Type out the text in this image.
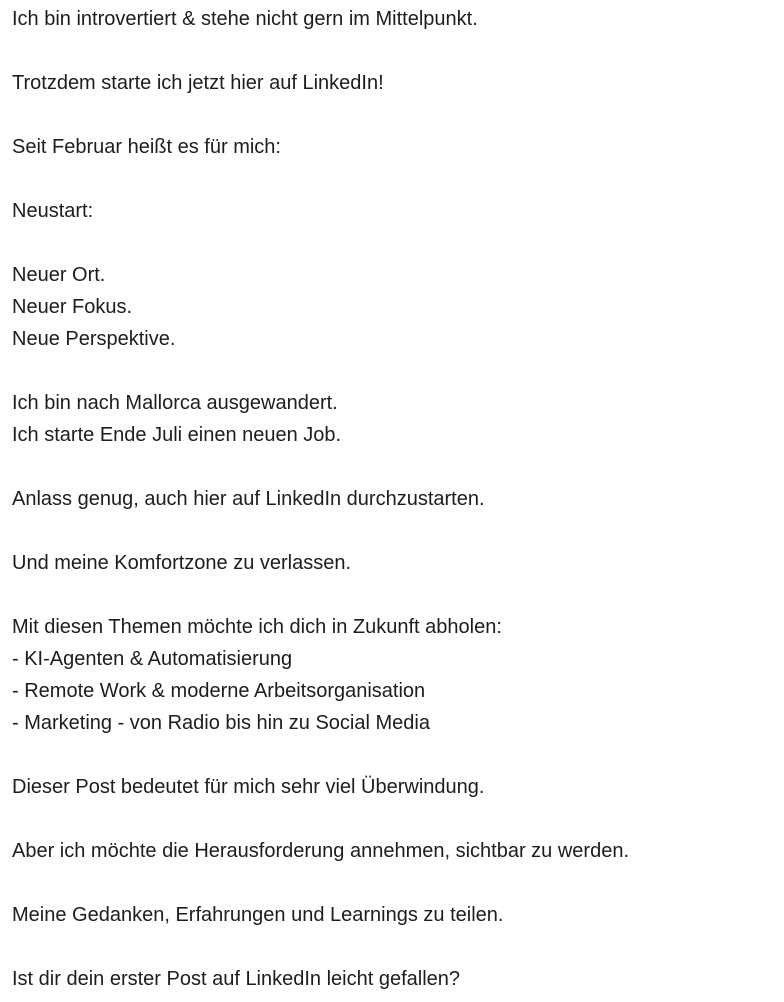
Ich bin introvertiert & stehe nicht gern im Mittelpunkt.
Trotzdem starte ich jetzt hier auf LinkedIn!
Seit Februar heißt es für mich:
Neustart:
Neuer Ort.
Neuer Fokus.
Neue Perspektive.
Ich bin nach Mallorca ausgewandert.
Ich starte Ende Juli einen neuen Job.
Anlass genug, auch hier auf LinkedIn durchzustarten.
Und meine Komfortzone zu verlassen.
Mit diesen Themen möchte ich dich in Zukunft abholen:
- KI-Agenten & Automatisierung
- Remote Work & moderne Arbeitsorganisation
- Marketing - von Radio bis hin zu Social Media
Dieser Post bedeutet für mich sehr viel Überwindung.
Aber ich möchte die Herausforderung annehmen, sichtbar zu werden.
Meine Gedanken, Erfahrungen und Learnings zu teilen.
Ist dir dein erster Post auf LinkedIn leicht gefallen?
